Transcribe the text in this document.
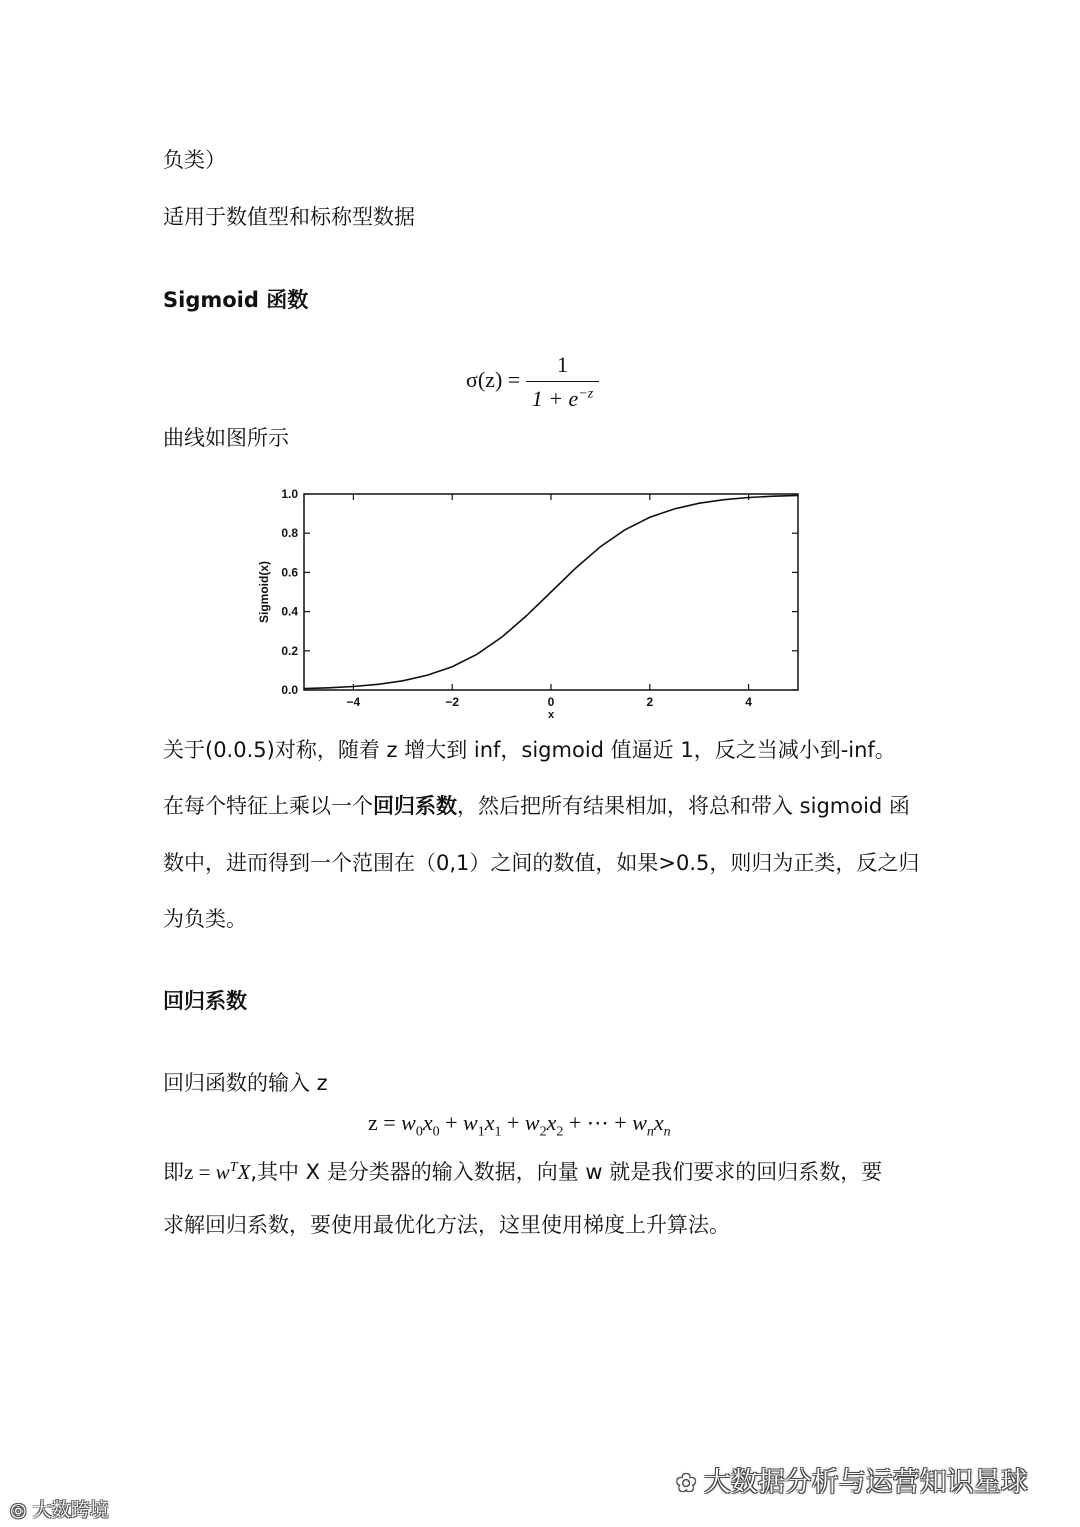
负类）
适用于数值型和标称型数据
Sigmoid 函数
$\sigma(z) = \frac{1}{1 + e^{-z}}$
曲线如图所示
−4	−2	0	2	4
0.0
0.2
0.4
0.6
0.8
1.0
Sigmoid(x)
x
关于(0.0.5)对称，随着 z 增大到 inf，sigmoid 值逼近 1，反之当减小到-inf。
在每个特征上乘以一个回归系数，然后把所有结果相加，将总和带入 sigmoid 函
数中，进而得到一个范围在（0,1）之间的数值，如果>0.5，则归为正类，反之归
为负类。
回归系数
回归函数的输入 z
$z = w_0x_0 + w_1x_1 + w_2x_2$ + ⋯ + $w_nx_n$
即$z = w^TX$,其中 X 是分类器的输入数据，向量 w 就是我们要求的回归系数，要
求解回归系数，要使用最优化方法，这里使用梯度上升算法。
✿ 大数据分析与运营知识星球
◎ 大数跨境
